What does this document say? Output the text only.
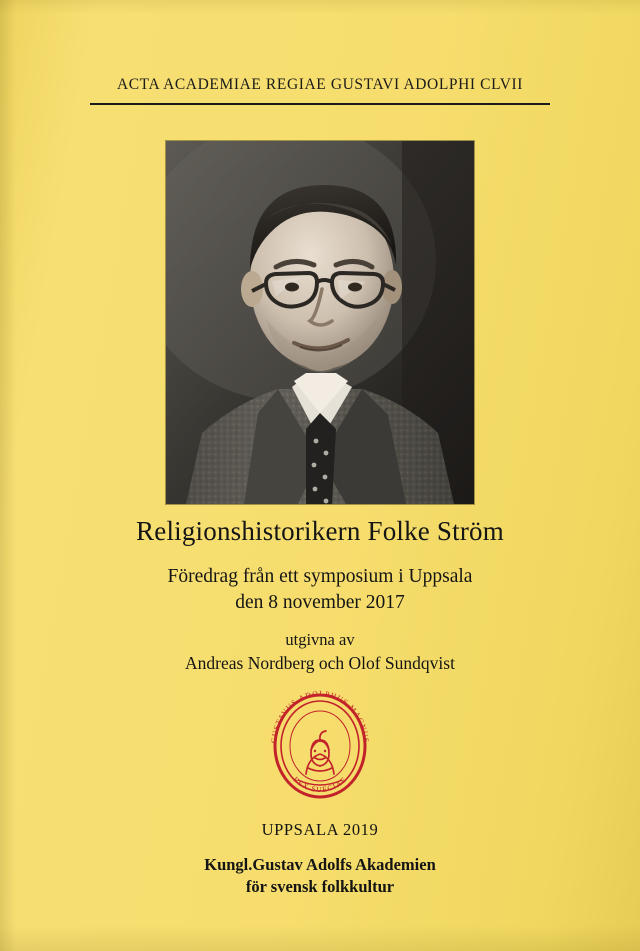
ACTA ACADEMIAE REGIAE GUSTAVI ADOLPHI CLVII
Religionshistorikern Folke Ström
Föredrag från ett symposium i Uppsala
den 8 november 2017
utgivna av
Andreas Nordberg och Olof Sundqvist
GUSTAVUS ADOLPHUS MAGNUS
REX SUECIAE
UPPSALA 2019
Kungl.Gustav Adolfs Akademien
för svensk folkkultur
